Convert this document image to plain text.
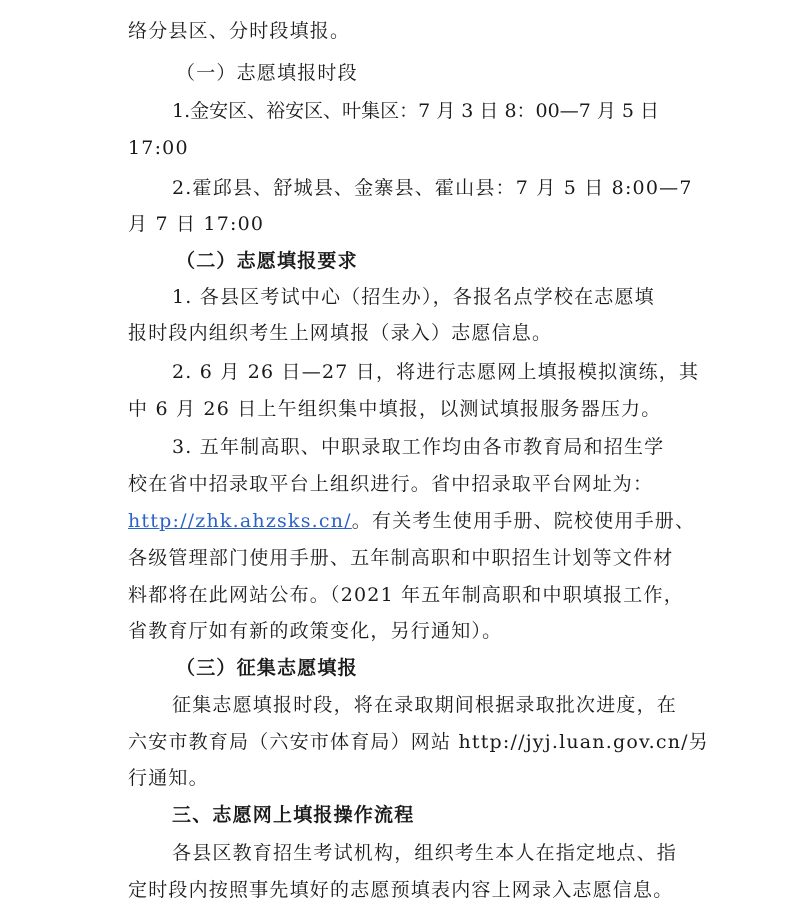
络分县区、分时段填报。
（一）志愿填报时段
1.金安区、裕安区、叶集区：7 月 3 日 8：00—7 月 5 日
17:00
2.霍邱县、舒城县、金寨县、霍山县：7 月 5 日 8:00—7
月 7 日 17:00
（二）志愿填报要求
1. 各县区考试中心（招生办），各报名点学校在志愿填
报时段内组织考生上网填报（录入）志愿信息。
2. 6 月 26 日—27 日，将进行志愿网上填报模拟演练，其
中 6 月 26 日上午组织集中填报，以测试填报服务器压力。
3. 五年制高职、中职录取工作均由各市教育局和招生学
校在省中招录取平台上组织进行。省中招录取平台网址为：
http://zhk.ahzsks.cn/。有关考生使用手册、院校使用手册、
各级管理部门使用手册、五年制高职和中职招生计划等文件材
料都将在此网站公布。（2021 年五年制高职和中职填报工作，
省教育厅如有新的政策变化，另行通知）。
（三）征集志愿填报
征集志愿填报时段，将在录取期间根据录取批次进度，在
六安市教育局（六安市体育局）网站 http://jyj.luan.gov.cn/另
行通知。
三、志愿网上填报操作流程
各县区教育招生考试机构，组织考生本人在指定地点、指
定时段内按照事先填好的志愿预填表内容上网录入志愿信息。
